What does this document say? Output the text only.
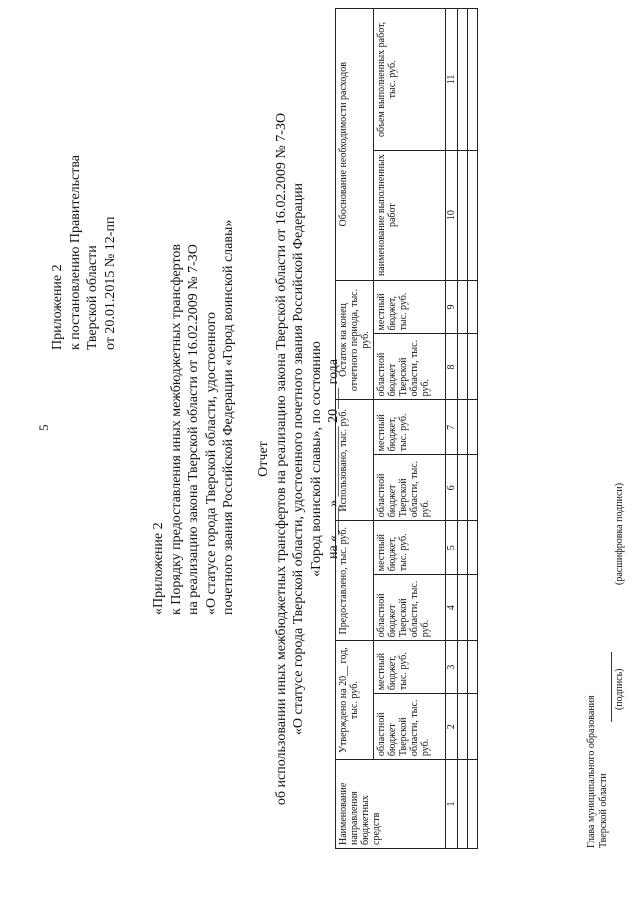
5
Приложение 2 к постановлению Правительства Тверской области от 20.01.2015 № 12-пп
«Приложение 2 к Порядку предоставления иных межбюджетных трансфертов на реализацию закона Тверской области от 16.02.2009 № 7-ЗО «О статусе города Тверской области, удостоенного почетного звания Российской Федерации «Город воинской славы» Отчет об использовании иных межбюджетных трансфертов на реализацию закона Тверской области от 16.02.2009 № 7-ЗО «О статусе города Тверской области, удостоенного почетного звания Российской Федерации «Город воинской славы», по состоянию на «____» __________ 20___ года
Наименование направления бюджетных средств	Утверждено на 20__ год, тыс. руб.		Предоставлено, тыс. руб.		Использовано, тыс. руб.		Остаток на конец отчетного периода, тыс. руб.		Обоснование необходимости расходов	
	областной бюджет Тверской области, тыс. руб.	местный бюджет, тыс. руб.	областной бюджет Тверской области, тыс. руб.	местный бюджет, тыс. руб.	областной бюджет Тверской области, тыс. руб.	местный бюджет, тыс. руб.	областной бюджет Тверской области, тыс. руб.	местный бюджет, тыс. руб.	наименование выполненных работ	объем выполненных работ, тыс. руб.
1	2	3	4	5	6	7	8	9	10	11

Глава муниципального образования Тверской области
(подпись)
(расшифровка подписи)
